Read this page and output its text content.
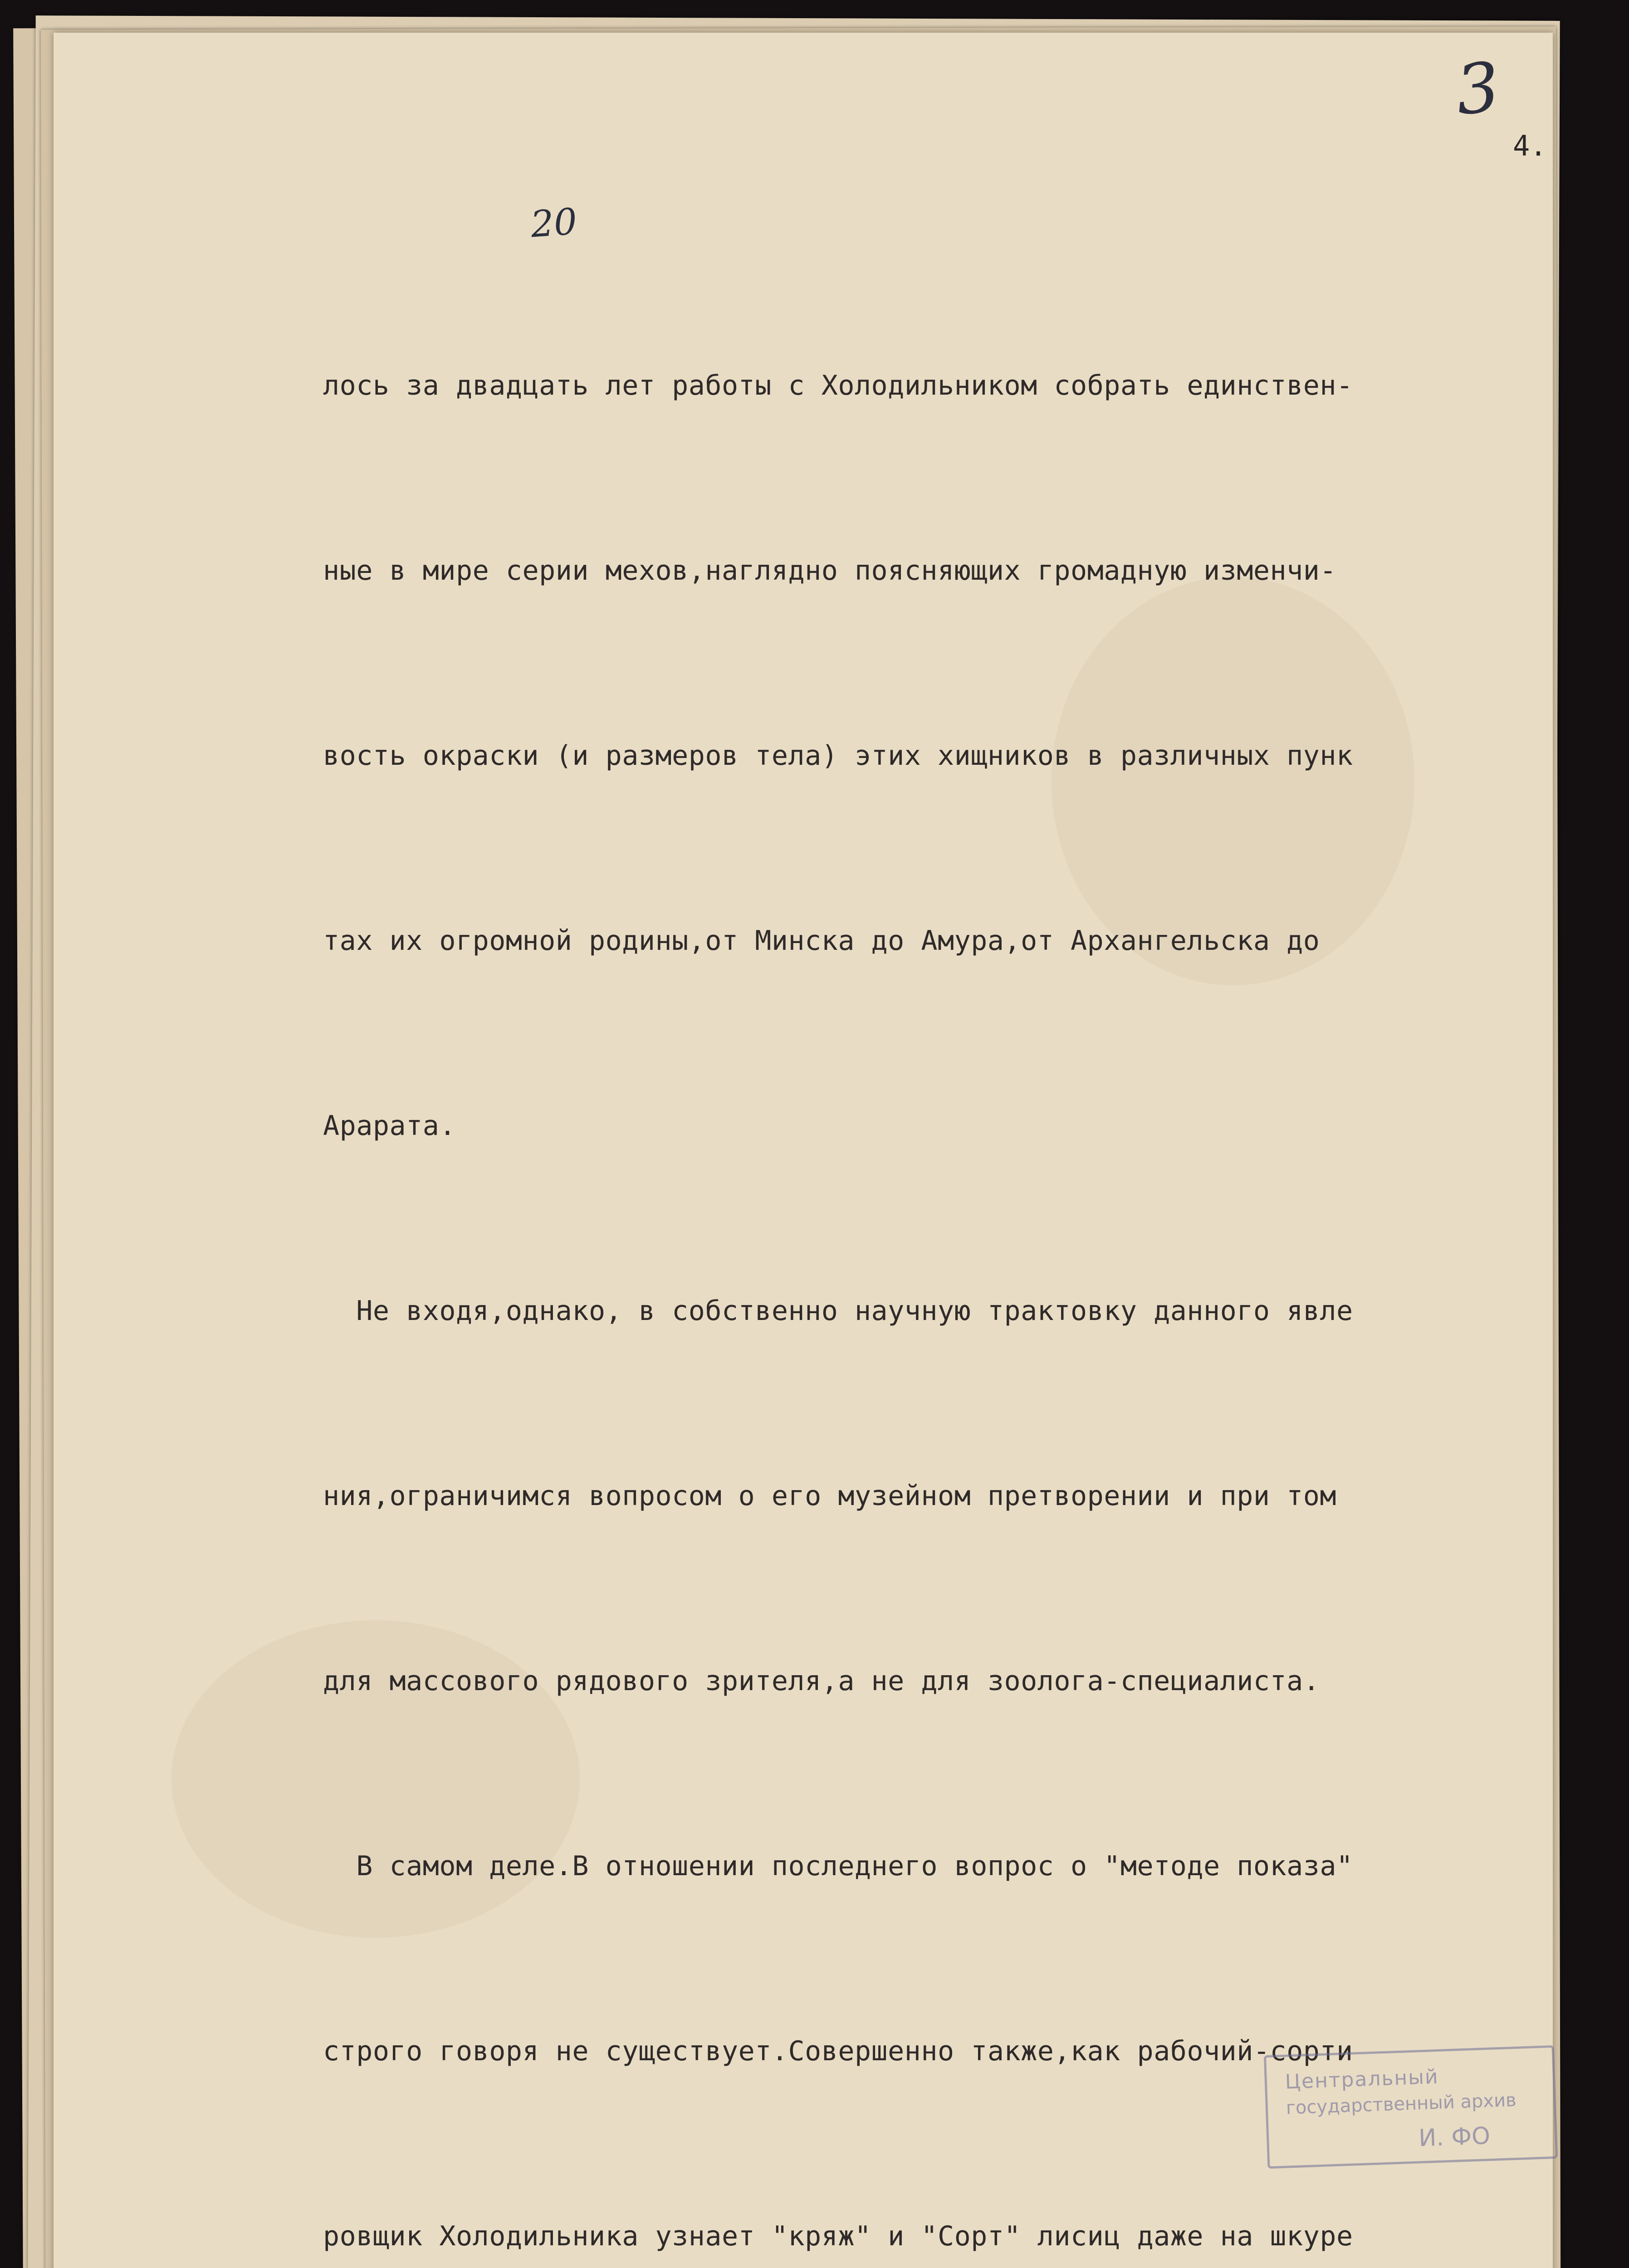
3
4.
20

лось за двадцать лет работы с Холодильником собрать единствен-

ные в мире серии мехов,наглядно поясняющих громадную изменчи-

вость окраски (и размеров тела) этих хищников в различных пунк

тах их огромной родины,от Минска до Амура,от Архангельска до

Арарата.

Не входя,однако, в собственно научную трактовку данного явле

ния,ограничимся вопросом о его музейном претворении и при том

для массового рядового зрителя,а не для зоолога-специалиста.

В самом деле.В отношении последнего вопрос о "методе показа"

строго говоря не существует.Совершенно также,как рабочий-сорти

ровщик Холодильника узнает "кряж" и "Сорт" лисиц даже на шкуре

Центральный
государственный архив
И. ФО
